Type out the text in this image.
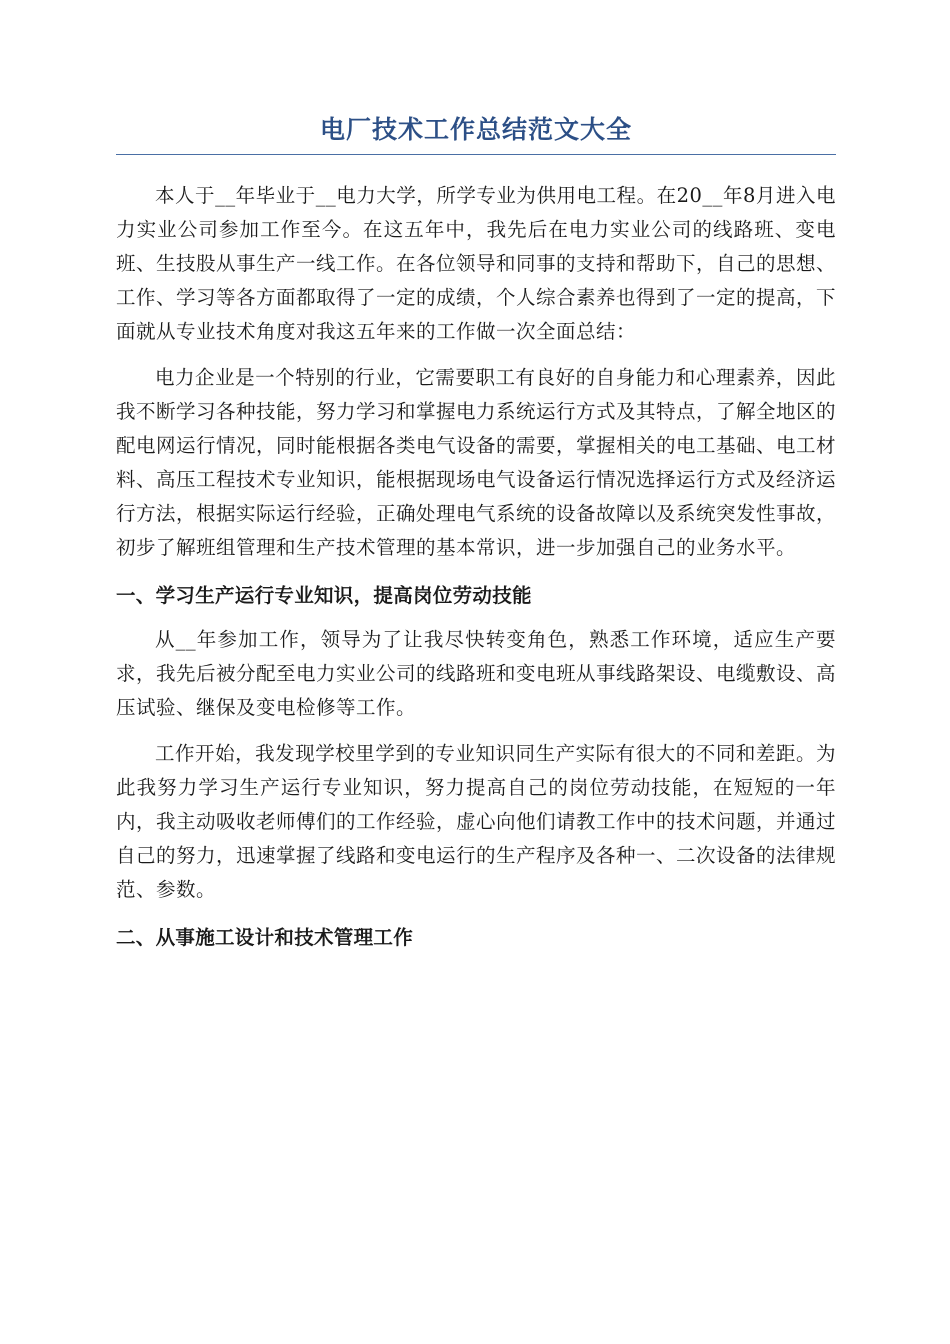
电厂技术工作总结范文大全

本人于__年毕业于__电力大学，所学专业为供用电工程。在20__年8月进入电力实业公司参加工作至今。在这五年中，我先后在电力实业公司的线路班、变电班、生技股从事生产一线工作。在各位领导和同事的支持和帮助下，自己的思想、工作、学习等各方面都取得了一定的成绩，个人综合素养也得到了一定的提高，下面就从专业技术角度对我这五年来的工作做一次全面总结：

电力企业是一个特别的行业，它需要职工有良好的自身能力和心理素养，因此我不断学习各种技能，努力学习和掌握电力系统运行方式及其特点，了解全地区的配电网运行情况，同时能根据各类电气设备的需要，掌握相关的电工基础、电工材料、高压工程技术专业知识，能根据现场电气设备运行情况选择运行方式及经济运行方法，根据实际运行经验，正确处理电气系统的设备故障以及系统突发性事故，初步了解班组管理和生产技术管理的基本常识，进一步加强自己的业务水平。

一、学习生产运行专业知识，提高岗位劳动技能

从__年参加工作，领导为了让我尽快转变角色，熟悉工作环境，适应生产要求，我先后被分配至电力实业公司的线路班和变电班从事线路架设、电缆敷设、高压试验、继保及变电检修等工作。

工作开始，我发现学校里学到的专业知识同生产实际有很大的不同和差距。为此我努力学习生产运行专业知识，努力提高自己的岗位劳动技能，在短短的一年内，我主动吸收老师傅们的工作经验，虚心向他们请教工作中的技术问题，并通过自己的努力，迅速掌握了线路和变电运行的生产程序及各种一、二次设备的法律规范、参数。

二、从事施工设计和技术管理工作
